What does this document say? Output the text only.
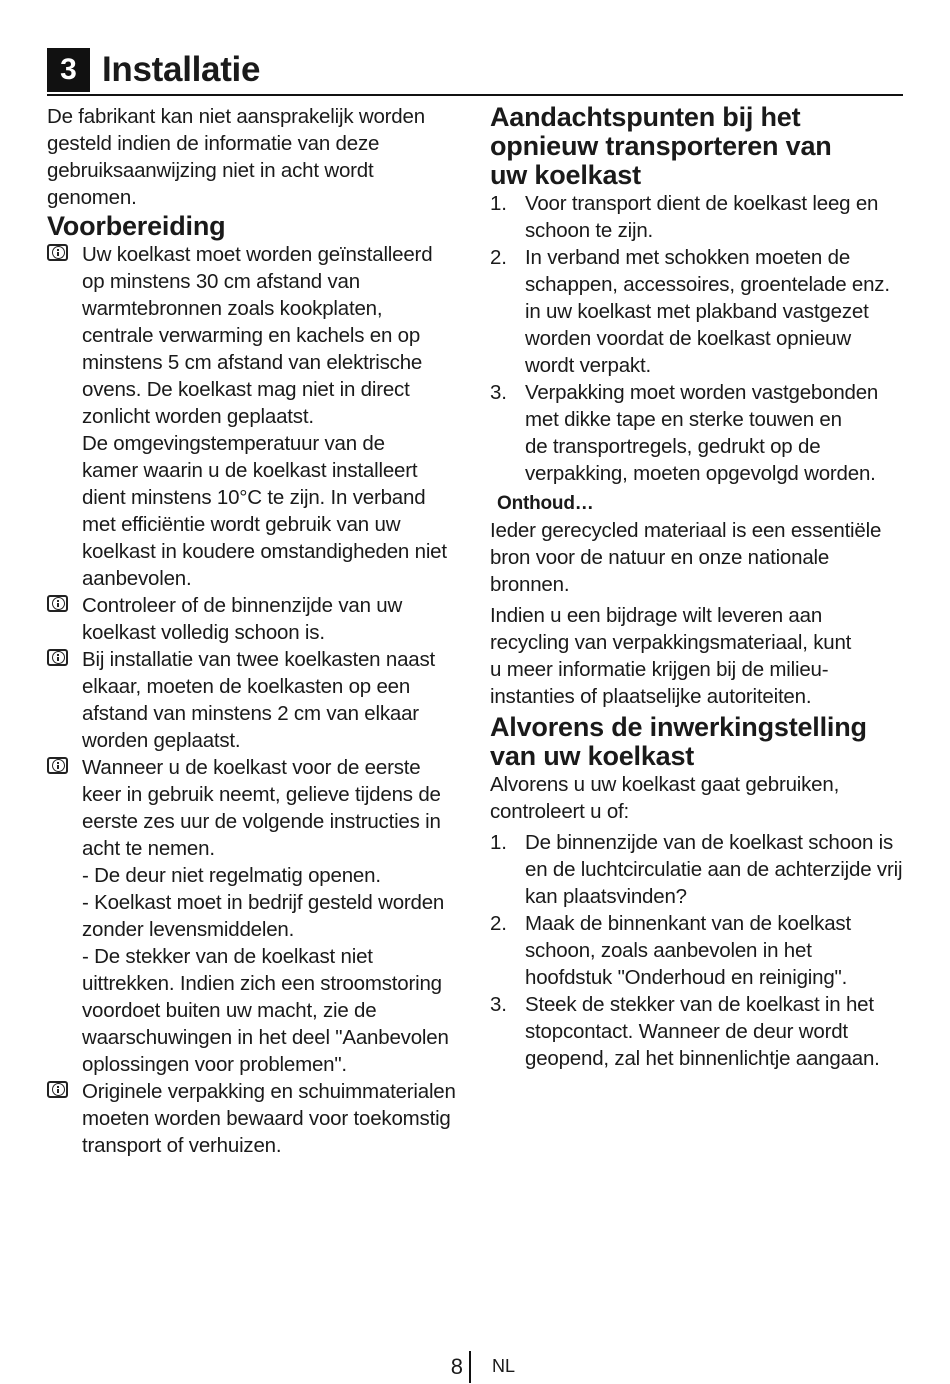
3 Installatie

De fabrikant kan niet aansprakelijk worden
gesteld indien de informatie van deze
gebruiksaanwijzing niet in acht wordt
genomen.

Voorbereiding
Uw koelkast moet worden geïnstalleerd
op minstens 30 cm afstand van
warmtebronnen zoals kookplaten,
centrale verwarming en kachels en op
minstens 5 cm afstand van elektrische
ovens. De koelkast mag niet in direct
zonlicht worden geplaatst.
De omgevingstemperatuur van de
kamer waarin u de koelkast installeert
dient minstens 10°C te zijn. In verband
met efficiëntie wordt gebruik van uw
koelkast in koudere omstandigheden niet
aanbevolen.
Controleer of de binnenzijde van uw
koelkast volledig schoon is.
Bij installatie van twee koelkasten naast
elkaar, moeten de koelkasten op een
afstand van minstens 2 cm van elkaar
worden geplaatst.
Wanneer u de koelkast voor de eerste
keer in gebruik neemt, gelieve tijdens de
eerste zes uur de volgende instructies in
acht te nemen.
- De deur niet regelmatig openen.
- Koelkast moet in bedrijf gesteld worden
zonder levensmiddelen.
- De stekker van de koelkast niet
uittrekken. Indien zich een stroomstoring
voordoet buiten uw macht, zie de
waarschuwingen in het deel "Aanbevolen
oplossingen voor problemen".
Originele verpakking en schuimmaterialen
moeten worden bewaard voor toekomstig
transport of verhuizen.
Aandachtspunten bij het
opnieuw transporteren van
uw koelkast
1. Voor transport dient de koelkast leeg en
schoon te zijn.
2. In verband met schokken moeten de
schappen, accessoires, groentelade enz.
in uw koelkast met plakband vastgezet
worden voordat de koelkast opnieuw
wordt verpakt.
3. Verpakking moet worden vastgebonden
met dikke tape en sterke touwen en
de transportregels, gedrukt op de
verpakking, moeten opgevolgd worden.
Onthoud…

Ieder gerecycled materiaal is een essentiële
bron voor de natuur en onze nationale
bronnen.

Indien u een bijdrage wilt leveren aan
recycling van verpakkingsmateriaal, kunt
u meer informatie krijgen bij de milieu-
instanties of plaatselijke autoriteiten.

Alvorens de inwerkingstelling
van uw koelkast

Alvorens u uw koelkast gaat gebruiken,
controleert u of:

1. De binnenzijde van de koelkast schoon is
en de luchtcirculatie aan de achterzijde vrij
kan plaatsvinden?
2. Maak de binnenkant van de koelkast
schoon, zoals aanbevolen in het
hoofdstuk "Onderhoud en reiniging".
3. Steek de stekker van de koelkast in het
stopcontact. Wanneer de deur wordt
geopend, zal het binnenlichtje aangaan.
8 NL
